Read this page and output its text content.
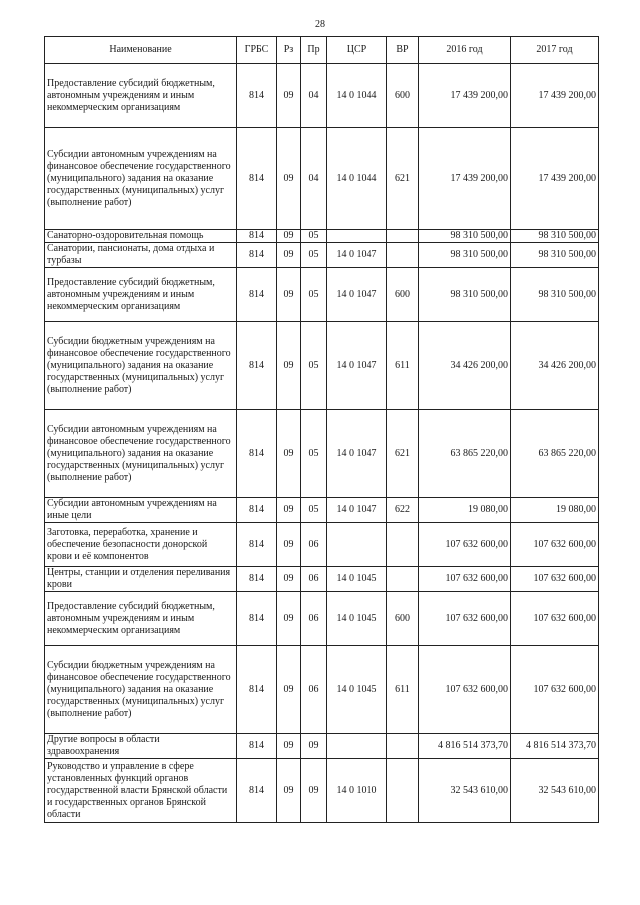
28
Наименование	ГРБС	Рз	Пр	ЦСР	ВР	2016 год	2017 год
Предоставление субсидий бюджетным, автономным учреждениям и иным некоммерческим организациям	814	09	04	14 0 1044	600	17 439 200,00	17 439 200,00
Субсидии автономным учреждениям на финансовое обеспечение государственного (муниципального) задания на оказание государственных (муниципальных) услуг (выполнение работ)	814	09	04	14 0 1044	621	17 439 200,00	17 439 200,00
Санаторно-оздоровительная помощь	814	09	05			98 310 500,00	98 310 500,00
Санатории, пансионаты, дома отдыха и турбазы	814	09	05	14 0 1047		98 310 500,00	98 310 500,00
Предоставление субсидий бюджетным, автономным учреждениям и иным некоммерческим организациям	814	09	05	14 0 1047	600	98 310 500,00	98 310 500,00
Субсидии бюджетным учреждениям на финансовое обеспечение государственного (муниципального) задания на оказание государственных (муниципальных) услуг (выполнение работ)	814	09	05	14 0 1047	611	34 426 200,00	34 426 200,00
Субсидии автономным учреждениям на финансовое обеспечение государственного (муниципального) задания на оказание государственных (муниципальных) услуг (выполнение работ)	814	09	05	14 0 1047	621	63 865 220,00	63 865 220,00
Субсидии автономным учреждениям на иные цели	814	09	05	14 0 1047	622	19 080,00	19 080,00
Заготовка, переработка, хранение и обеспечение безопасности донорской крови и её компонентов	814	09	06			107 632 600,00	107 632 600,00
Центры, станции и отделения переливания крови	814	09	06	14 0 1045		107 632 600,00	107 632 600,00
Предоставление субсидий бюджетным, автономным учреждениям и иным некоммерческим организациям	814	09	06	14 0 1045	600	107 632 600,00	107 632 600,00
Субсидии бюджетным учреждениям на финансовое обеспечение государственного (муниципального) задания на оказание государственных (муниципальных) услуг (выполнение работ)	814	09	06	14 0 1045	611	107 632 600,00	107 632 600,00
Другие вопросы в области здравоохранения	814	09	09			4 816 514 373,70	4 816 514 373,70
Руководство и управление в сфере установленных функций органов государственной власти Брянской области и государственных органов Брянской области	814	09	09	14 0 1010		32 543 610,00	32 543 610,00
